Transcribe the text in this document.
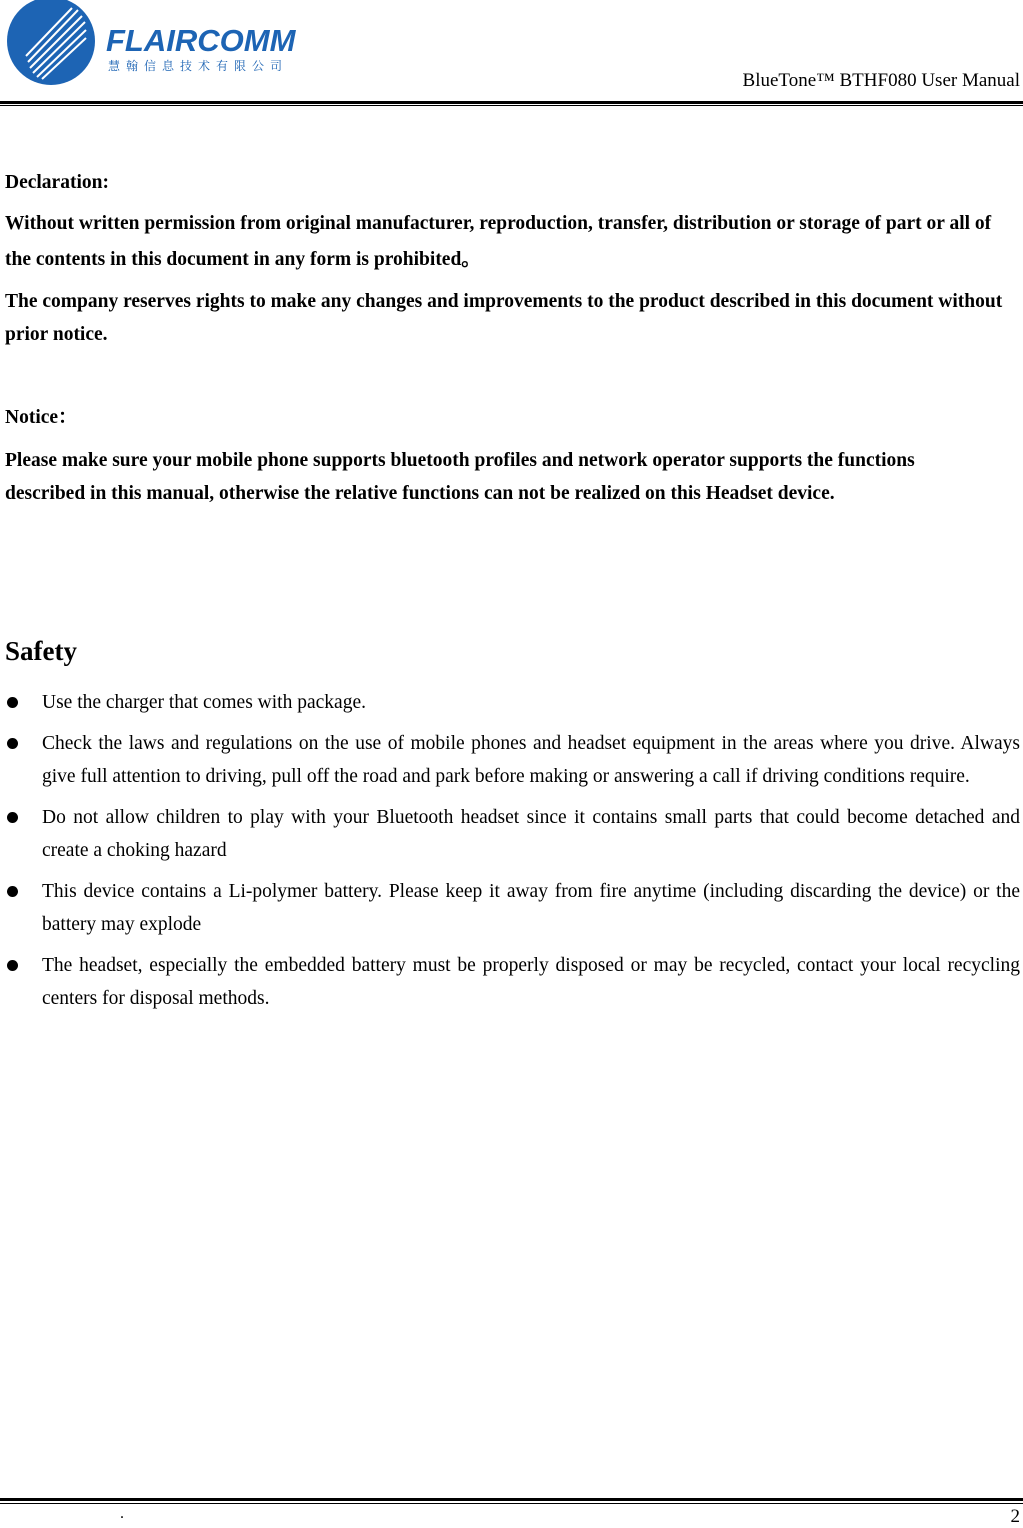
FLAIRCOMM
慧翰信息技术有限公司
BlueTone™ BTHF080 User Manual
Declaration:
Without written permission from original manufacturer, reproduction, transfer, distribution or storage of part or all of the contents in this document in any form is prohibited。
The company reserves rights to make any changes and improvements to the product described in this document without prior notice.
Notice：
Please make sure your mobile phone supports bluetooth profiles and network operator supports the functions described in this manual, otherwise the relative functions can not be realized on this Headset device.
Safety
Use the charger that comes with package.
Check the laws and regulations on the use of mobile phones and headset equipment in the areas where you drive. Always give full attention to driving, pull off the road and park before making or answering a call if driving conditions require.
Do not allow children to play with your Bluetooth headset since it contains small parts that could become detached and create a choking hazard
This device contains a Li-polymer battery. Please keep it away from fire anytime (including discarding the device) or the battery may explode
The headset, especially the embedded battery must be properly disposed or may be recycled, contact your local recycling centers for disposal methods.
.	2
